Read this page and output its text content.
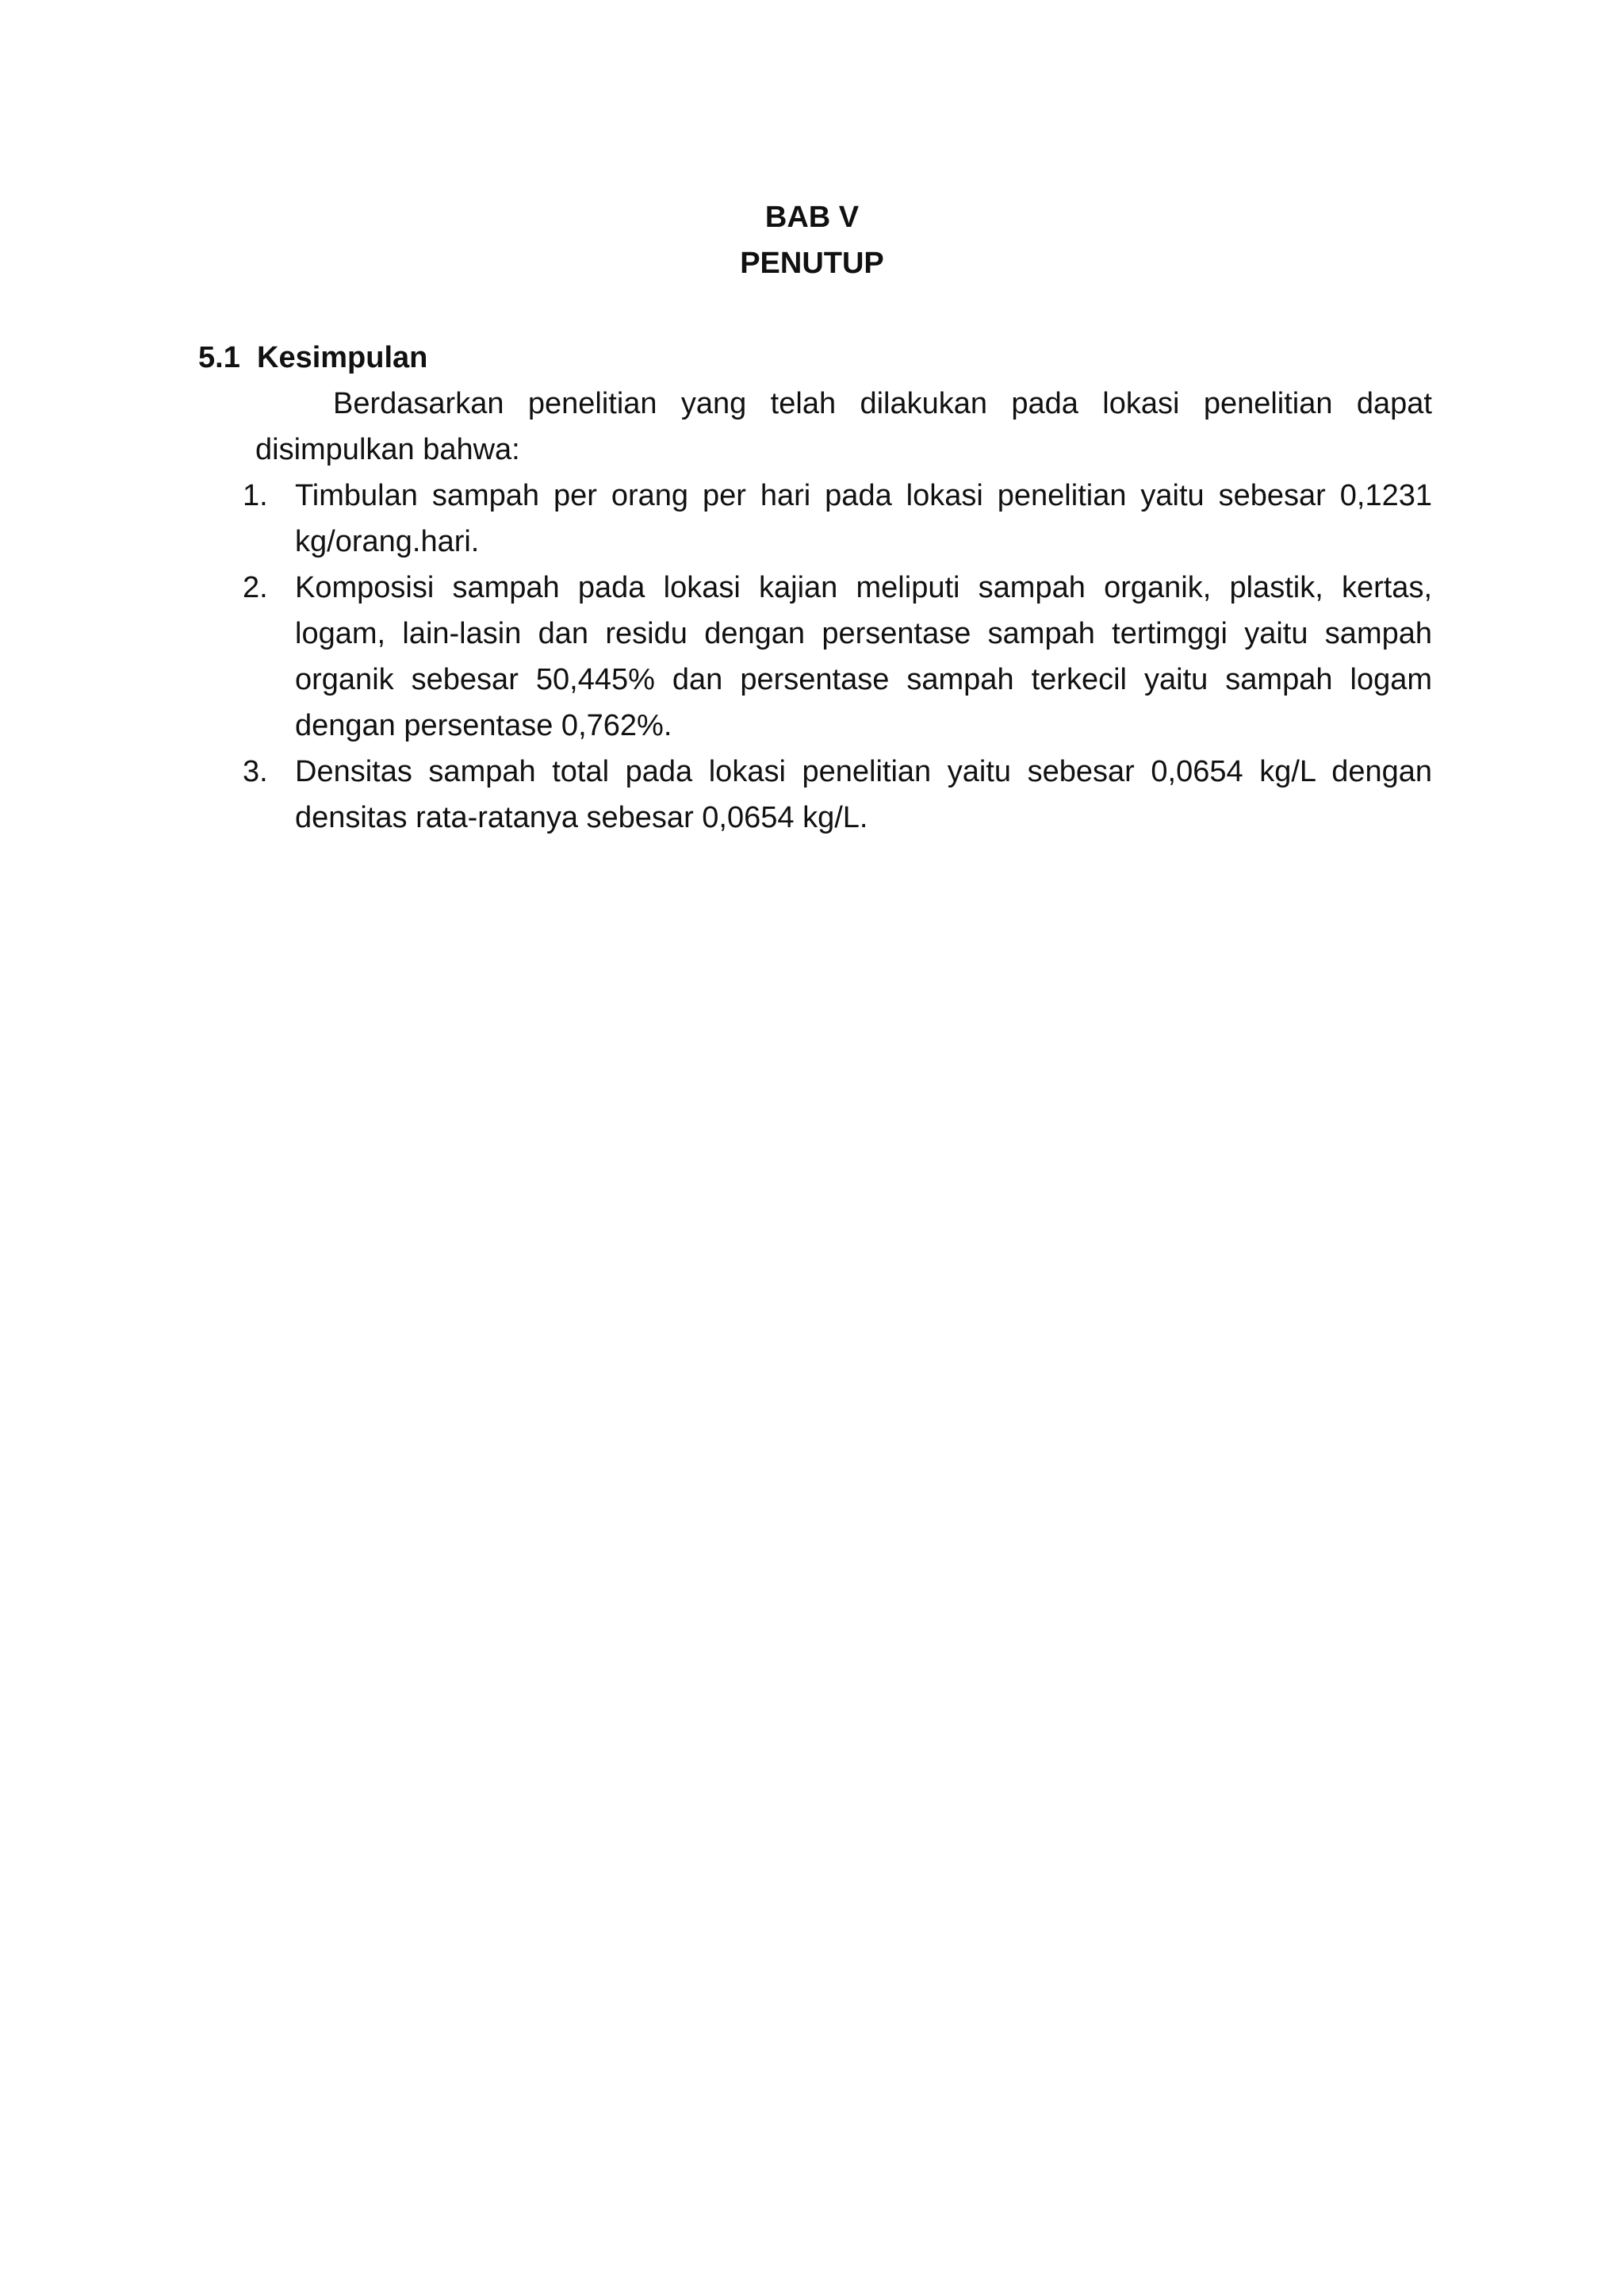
BAB V
PENUTUP
5.1 Kesimpulan

Berdasarkan penelitian yang telah dilakukan pada lokasi penelitian dapat disimpulkan bahwa:

1. Timbulan sampah per orang per hari pada lokasi penelitian yaitu sebesar 0,1231 kg/orang.hari.

2. Komposisi sampah pada lokasi kajian meliputi sampah organik, plastik, kertas, logam, lain-lasin dan residu dengan persentase sampah tertimggi yaitu sampah organik sebesar 50,445% dan persentase sampah terkecil yaitu sampah logam dengan persentase 0,762%.

3. Densitas sampah total pada lokasi penelitian yaitu sebesar 0,0654 kg/L dengan densitas rata-ratanya sebesar 0,0654 kg/L.
